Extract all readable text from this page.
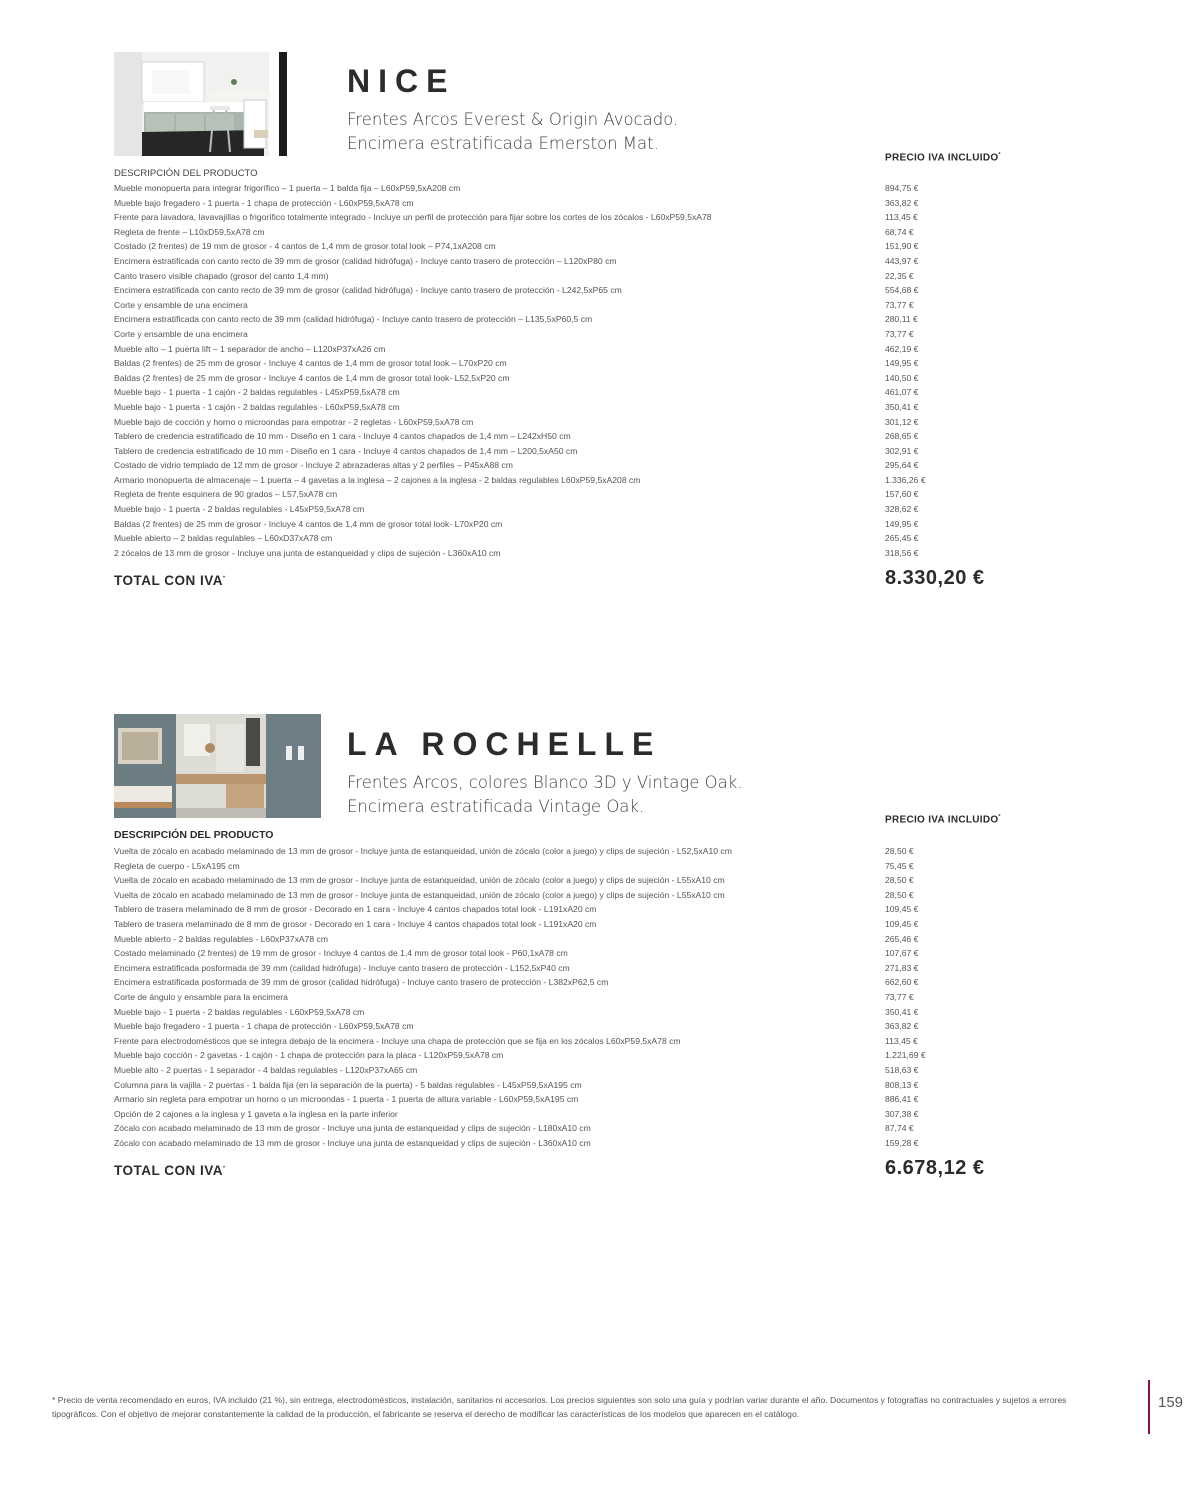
NICE
Frentes Arcos Everest & Origin Avocado.
Encimera estratificada Emerston Mat.
PRECIO IVA INCLUIDO*
DESCRIPCIÓN DEL PRODUCTO
Mueble monopuerta para integrar frigorífico – 1 puerta – 1 balda fija – L60xP59,5xA208 cm	894,75 €
Mueble bajo fregadero - 1 puerta - 1 chapa de protección - L60xP59,5xA78 cm	363,82 €
Frente para lavadora, lavavajillas o frigorífico totalmente integrado - Incluye un perfil de protección para fijar sobre los cortes de los zócalos - L60xP59,5xA78	113,45 €
Regleta de frente – L10xD59,5xA78 cm	68,74 €
Costado (2 frentes) de 19 mm de grosor - 4 cantos de 1,4 mm de grosor total look – P74,1xA208 cm	151,90 €
Encimera estratificada con canto recto de 39 mm de grosor (calidad hidrófuga) - Incluye canto trasero de protección – L120xP80 cm	443,97 €
Canto trasero visible chapado (grosor del canto 1,4 mm)	22,35 €
Encimera estratificada con canto recto de 39 mm de grosor (calidad hidrófuga) - Incluye canto trasero de protección - L242,5xP65 cm	554,68 €
Corte y ensamble de una encimera	73,77 €
Encimera estratificada con canto recto de 39 mm (calidad hidrófuga) - Incluye canto trasero de protección – L135,5xP60,5 cm	280,11 €
Corte y ensamble de una encimera	73,77 €
Mueble alto – 1 puerta lift – 1 separador de ancho – L120xP37xA26 cm	462,19 €
Baldas (2 frentes) de 25 mm de grosor - Incluye 4 cantos de 1,4 mm de grosor total look – L70xP20 cm	149,95 €
Baldas (2 frentes) de 25 mm de grosor - Incluye 4 cantos de 1,4 mm de grosor total look- L52,5xP20 cm	140,50 €
Mueble bajo - 1 puerta - 1 cajón - 2 baldas regulables - L45xP59,5xA78 cm	461,07 €
Mueble bajo - 1 puerta - 1 cajón - 2 baldas regulables - L60xP59,5xA78 cm	350,41 €
Mueble bajo de cocción y horno o microondas para empotrar - 2 regletas - L60xP59,5xA78 cm	301,12 €
Tablero de credencia estratificado de 10 mm - Diseño en 1 cara - Incluye 4 cantos chapados de 1,4 mm – L242xH50 cm	268,65 €
Tablero de credencia estratificado de 10 mm - Diseño en 1 cara - Incluye 4 cantos chapados de 1,4 mm – L200,5xA50 cm	302,91 €
Costado de vidrio templado de 12 mm de grosor - Incluye 2 abrazaderas altas y 2 perfiles – P45xA88 cm	295,64 €
Armario monopuerta de almacenaje – 1 puerta – 4 gavetas a la inglesa – 2 cajones a la inglesa - 2 baldas regulables L60xP59,5xA208 cm	1.336,26 €
Regleta de frente esquinera de 90 grados – L57,5xA78 cm	157,60 €
Mueble bajo - 1 puerta - 2 baldas regulables - L45xP59,5xA78 cm	328,62 €
Baldas (2 frentes) de 25 mm de grosor - Incluye 4 cantos de 1,4 mm de grosor total look- L70xP20 cm	149,95 €
Mueble abierto – 2 baldas regulables – L60xD37xA78 cm	265,45 €
2 zócalos de 13 mm de grosor - Incluye una junta de estanqueidad y clips de sujeción - L360xA10 cm	318,56 €
TOTAL CON IVA*	8.330,20 €
LA ROCHELLE
Frentes Arcos, colores Blanco 3D y Vintage Oak.
Encimera estratificada Vintage Oak.
PRECIO IVA INCLUIDO*
DESCRIPCIÓN DEL PRODUCTO
Vuelta de zócalo en acabado melaminado de 13 mm de grosor - Incluye junta de estanqueidad, unión de zócalo (color a juego) y clips de sujeción - L52,5xA10 cm	28,50 €
Regleta de cuerpo - L5xA195 cm	75,45 €
Vuelta de zócalo en acabado melaminado de 13 mm de grosor - Incluye junta de estanqueidad, unión de zócalo (color a juego) y clips de sujeción - L55xA10 cm	28,50 €
Vuelta de zócalo en acabado melaminado de 13 mm de grosor - Incluye junta de estanqueidad, unión de zócalo (color a juego) y clips de sujeción - L55xA10 cm	28,50 €
Tablero de trasera melaminado de 8 mm de grosor - Decorado en 1 cara - Incluye 4 cantos chapados total look - L191xA20 cm	109,45 €
Tablero de trasera melaminado de 8 mm de grosor - Decorado en 1 cara - Incluye 4 cantos chapados total look - L191xA20 cm	109,45 €
Mueble abierto - 2 baldas regulables - L60xP37xA78 cm	265,46 €
Costado melaminado (2 frentes) de 19 mm de grosor - Incluye 4 cantos de 1,4 mm de grosor total look - P60,1xA78 cm	107,67 €
Encimera estratificada posformada de 39 mm (calidad hidrófuga) - Incluye canto trasero de protección - L152,5xP40 cm	271,83 €
Encimera estratificada posformada de 39 mm de grosor (calidad hidrófuga) - Incluye canto trasero de protección - L382xP62,5 cm	662,60 €
Corte de ángulo y ensamble para la encimera	73,77 €
Mueble bajo - 1 puerta - 2 baldas regulables - L60xP59,5xA78 cm	350,41 €
Mueble bajo fregadero - 1 puerta - 1 chapa de protección - L60xP59,5xA78 cm	363,82 €
Frente para electrodomésticos que se integra debajo de la encimera - Incluye una chapa de protección que se fija en los zócalos L60xP59,5xA78 cm	113,45 €
Mueble bajo cocción - 2 gavetas - 1 cajón - 1 chapa de protección para la placa - L120xP59,5xA78 cm	1.221,69 €
Mueble alto - 2 puertas - 1 separador - 4 baldas regulables - L120xP37xA65 cm	518,63 €
Columna para la vajilla - 2 puertas - 1 balda fija (en la separación de la puerta) - 5 baldas regulables - L45xP59,5xA195 cm	808,13 €
Armario sin regleta para empotrar un horno o un microondas - 1 puerta - 1 puerta de altura variable - L60xP59,5xA195 cm	886,41 €
Opción de 2 cajones a la inglesa y 1 gaveta a la inglesa en la parte inferior	307,38 €
Zócalo con acabado melaminado de 13 mm de grosor - Incluye una junta de estanqueidad y clips de sujeción - L180xA10 cm	87,74 €
Zócalo con acabado melaminado de 13 mm de grosor - Incluye una junta de estanqueidad y clips de sujeción - L360xA10 cm	159,28 €
TOTAL CON IVA*	6.678,12 €
* Precio de venta recomendado en euros, IVA incluido (21 %), sin entrega, electrodomésticos, instalación, sanitarios ni accesorios. Los precios siguientes son solo una guía y podrían variar durante el año. Documentos y fotografías no contractuales y sujetos a errores tipográficos. Con el objetivo de mejorar constantemente la calidad de la producción, el fabricante se reserva el derecho de modificar las características de los modelos que aparecen en el catálogo.
159
